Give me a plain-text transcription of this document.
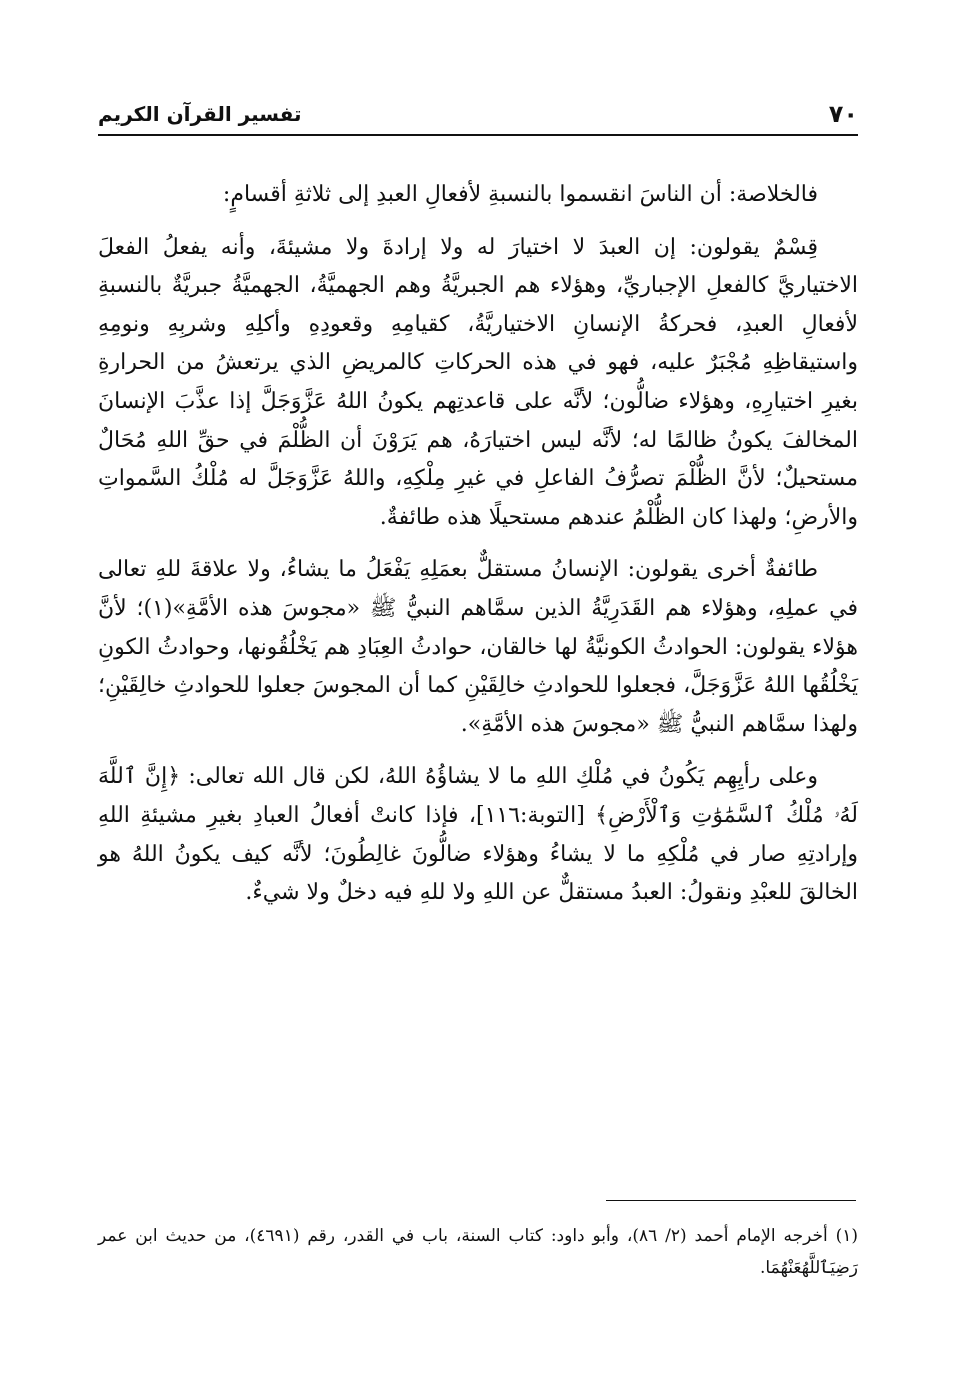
تفسير القرآن الكريم	٧٠

فالخلاصة: أن الناسَ انقسموا بالنسبةِ لأفعالِ العبدِ إلى ثلاثةِ أقسامٍ:

قِسْمٌ يقولون: إن العبدَ لا اختيارَ له ولا إرادةَ ولا مشيئةَ، وأنه يفعلُ الفعلَ الاختياريَّ كالفعلِ الإجباريِّ، وهؤلاء هم الجبريَّةُ وهم الجهميَّةُ، الجهميَّةُ جبريَّةٌ بالنسبةِ لأفعالِ العبدِ، فحركةُ الإنسانِ الاختياريَّةُ، كقيامِهِ وقعودِهِ وأكلِهِ وشربِهِ ونومِهِ واستيقاظِهِ مُجْبَرٌ عليه، فهو في هذه الحركاتِ كالمريضِ الذي يرتعشُ من الحرارةِ بغيرِ اختيارِهِ، وهؤلاء ضالُّون؛ لأنَّه على قاعدتِهم يكونُ اللهُ عَزَّوَجَلَّ إذا عذَّبَ الإنسانَ المخالفَ يكونُ ظالمًا له؛ لأنَّه ليس اختيارَهُ، هم يَرَوْنَ أن الظُّلْمَ في حقِّ اللهِ مُحَالٌ مستحيلٌ؛ لأنَّ الظُّلْمَ تصرُّفُ الفاعلِ في غيرِ مِلْكِهِ، واللهُ عَزَّوَجَلَّ له مُلْكُ السَّمواتِ والأرضِ؛ ولهذا كان الظُّلْمُ عندهم مستحيلًا هذه طائفةٌ.

طائفةٌ أخرى يقولون: الإنسانُ مستقلٌّ بعمَلِهِ يَفْعَلُ ما يشاءُ، ولا علاقةَ للهِ تعالى في عملِهِ، وهؤلاء هم القَدَرِيَّةُ الذين سمَّاهم النبيُّ ﷺ «مجوسَ هذه الأمَّةِ»(١)؛ لأنَّ هؤلاء يقولون: الحوادثُ الكونيَّةُ لها خالقان، حوادثُ العِبَادِ هم يَخْلُقُونها، وحوادثُ الكونِ يَخْلُقُها اللهُ عَزَّوَجَلَّ، فجعلوا للحوادثِ خالِقَيْنِ كما أن المجوسَ جعلوا للحوادثِ خالِقَيْنِ؛ ولهذا سمَّاهم النبيُّ ﷺ «مجوسَ هذه الأمَّةِ».

وعلى رأيِهِم يَكُونُ في مُلْكِ اللهِ ما لا يشاؤُهُ اللهُ، لكن قال الله تعالى: ﴿إِنَّ ٱللَّهَ لَهُۥ مُلْكُ ٱلسَّمَٰوَٰتِ وَٱلْأَرْضِ﴾ [التوبة:١١٦]، فإذا كانتْ أفعالُ العبادِ بغيرِ مشيئةِ اللهِ وإرادتِهِ صار في مُلْكِهِ ما لا يشاءُ وهؤلاء ضالُّونَ غالِطُونَ؛ لأنَّه كيف يكونُ اللهُ هو الخالقَ للعبْدِ ونقولُ: العبدُ مستقلٌّ عن اللهِ ولا للهِ فيه دخلٌ ولا شيءٌ.

(١) أخرجه الإمام أحمد (٢/ ٨٦)، وأبو داود: كتاب السنة، باب في القدر، رقم (٤٦٩١)، من حديث ابن عمر رَضِيَٱللَّهُعَنْهُمَا.
